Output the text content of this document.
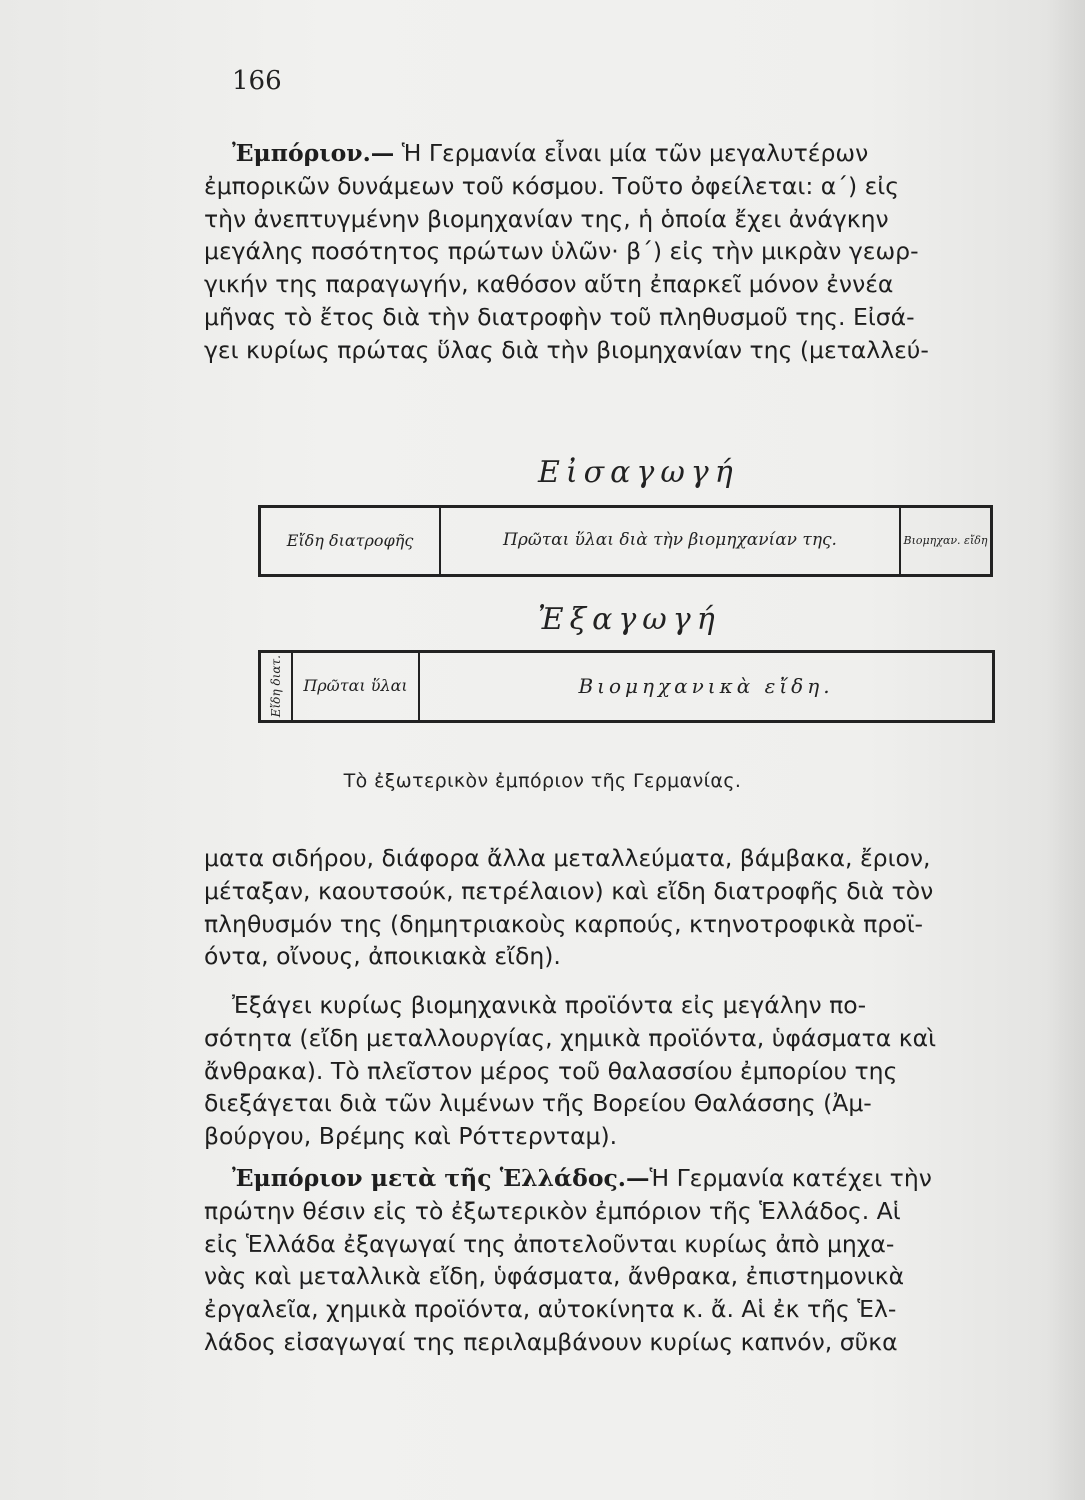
166
Ἐμπόριον.— Ἡ Γερμανία εἶναι μία τῶν μεγαλυτέρων
ἐμπορικῶν δυνάμεων τοῦ κόσμου. Τοῦτο ὀφείλεται: α΄) εἰς
τὴν ἀνεπτυγμένην βιομηχανίαν της, ἡ ὁποία ἔχει ἀνάγκην
μεγάλης ποσότητος πρώτων ὑλῶν· β΄) εἰς τὴν μικρὰν γεωρ-
γικήν της παραγωγήν, καθόσον αὕτη ἐπαρκεῖ μόνον ἐννέα
μῆνας τὸ ἔτος διὰ τὴν διατροφὴν τοῦ πληθυσμοῦ της. Εἰσά-
γει κυρίως πρώτας ὕλας διὰ τὴν βιομηχανίαν της (μεταλλεύ-
Εἰσαγωγή
Εἴδη διατροφῆς	Πρῶται ὕλαι διὰ τὴν βιομηχανίαν της.	Βιομηχαν. εἴδη
Ἐξαγωγή
Εἴδη διατ.	Πρῶται ὕλαι	Βιομηχανικὰ εἴδη.
Τὸ ἐξωτερικὸν ἐμπόριον τῆς Γερμανίας.
ματα σιδήρου, διάφορα ἄλλα μεταλλεύματα, βάμβακα, ἔριον,
μέταξαν, καουτσούκ, πετρέλαιον) καὶ εἴδη διατροφῆς διὰ τὸν
πληθυσμόν της (δημητριακοὺς καρπούς, κτηνοτροφικὰ προϊ-
όντα, οἴνους, ἀποικιακὰ εἴδη).
Ἐξάγει κυρίως βιομηχανικὰ προϊόντα εἰς μεγάλην πο-
σότητα (εἴδη μεταλλουργίας, χημικὰ προϊόντα, ὑφάσματα καὶ
ἄνθρακα). Τὸ πλεῖστον μέρος τοῦ θαλασσίου ἐμπορίου της
διεξάγεται διὰ τῶν λιμένων τῆς Βορείου Θαλάσσης (Ἀμ-
βούργου, Βρέμης καὶ Ρόττερνταμ).
Ἐμπόριον μετὰ τῆς Ἑλλάδος.—Ἡ Γερμανία κατέχει τὴν
πρώτην θέσιν εἰς τὸ ἐξωτερικὸν ἐμπόριον τῆς Ἑλλάδος. Αἱ
εἰς Ἑλλάδα ἐξαγωγαί της ἀποτελοῦνται κυρίως ἀπὸ μηχα-
νὰς καὶ μεταλλικὰ εἴδη, ὑφάσματα, ἄνθρακα, ἐπιστημονικὰ
ἐργαλεῖα, χημικὰ προϊόντα, αὐτοκίνητα κ. ἄ. Αἱ ἐκ τῆς Ἑλ-
λάδος εἰσαγωγαί της περιλαμβάνουν κυρίως καπνόν, σῦκα
